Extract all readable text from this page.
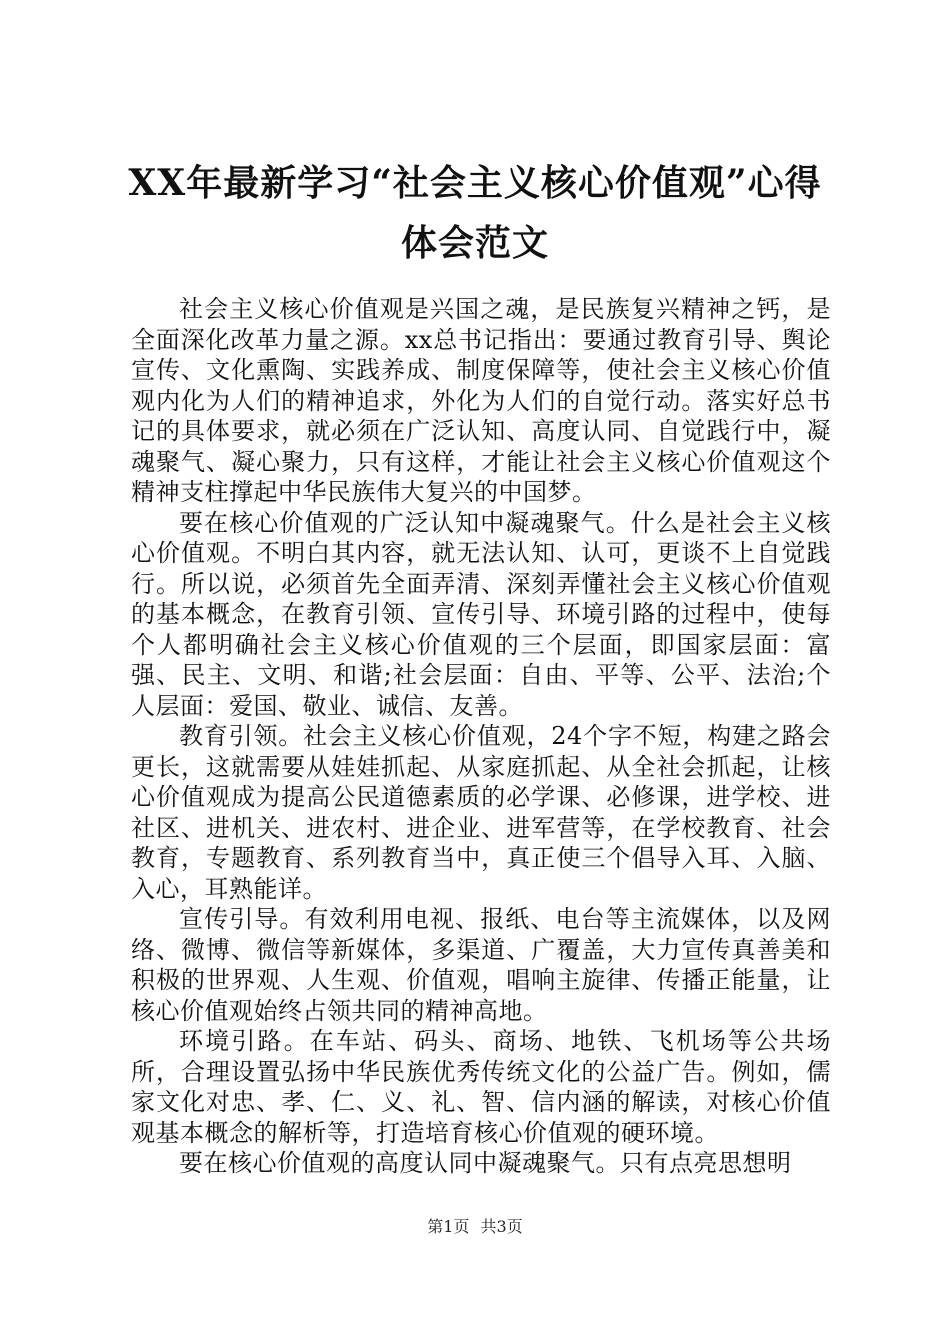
XX年最新学习“社会主义核心价值观”心得
体会范文

社会主义核心价值观是兴国之魂，是民族复兴精神之钙，是全面深化改革力量之源。xx总书记指出：要通过教育引导、舆论宣传、文化熏陶、实践养成、制度保障等，使社会主义核心价值观内化为人们的精神追求，外化为人们的自觉行动。落实好总书记的具体要求，就必须在广泛认知、高度认同、自觉践行中，凝魂聚气、凝心聚力，只有这样，才能让社会主义核心价值观这个精神支柱撑起中华民族伟大复兴的中国梦。

要在核心价值观的广泛认知中凝魂聚气。什么是社会主义核心价值观。不明白其内容，就无法认知、认可，更谈不上自觉践行。所以说，必须首先全面弄清、深刻弄懂社会主义核心价值观的基本概念，在教育引领、宣传引导、环境引路的过程中，使每个人都明确社会主义核心价值观的三个层面，即国家层面：富强、民主、文明、和谐;社会层面：自由、平等、公平、法治;个人层面：爱国、敬业、诚信、友善。

教育引领。社会主义核心价值观，24个字不短，构建之路会更长，这就需要从娃娃抓起、从家庭抓起、从全社会抓起，让核心价值观成为提高公民道德素质的必学课、必修课，进学校、进社区、进机关、进农村、进企业、进军营等，在学校教育、社会教育，专题教育、系列教育当中，真正使三个倡导入耳、入脑、入心，耳熟能详。

宣传引导。有效利用电视、报纸、电台等主流媒体，以及网络、微博、微信等新媒体，多渠道、广覆盖，大力宣传真善美和积极的世界观、人生观、价值观，唱响主旋律、传播正能量，让核心价值观始终占领共同的精神高地。

环境引路。在车站、码头、商场、地铁、飞机场等公共场所，合理设置弘扬中华民族优秀传统文化的公益广告。例如，儒家文化对忠、孝、仁、义、礼、智、信内涵的解读，对核心价值观基本概念的解析等，打造培育核心价值观的硬环境。

要在核心价值观的高度认同中凝魂聚气。只有点亮思想明

第1页 共3页
